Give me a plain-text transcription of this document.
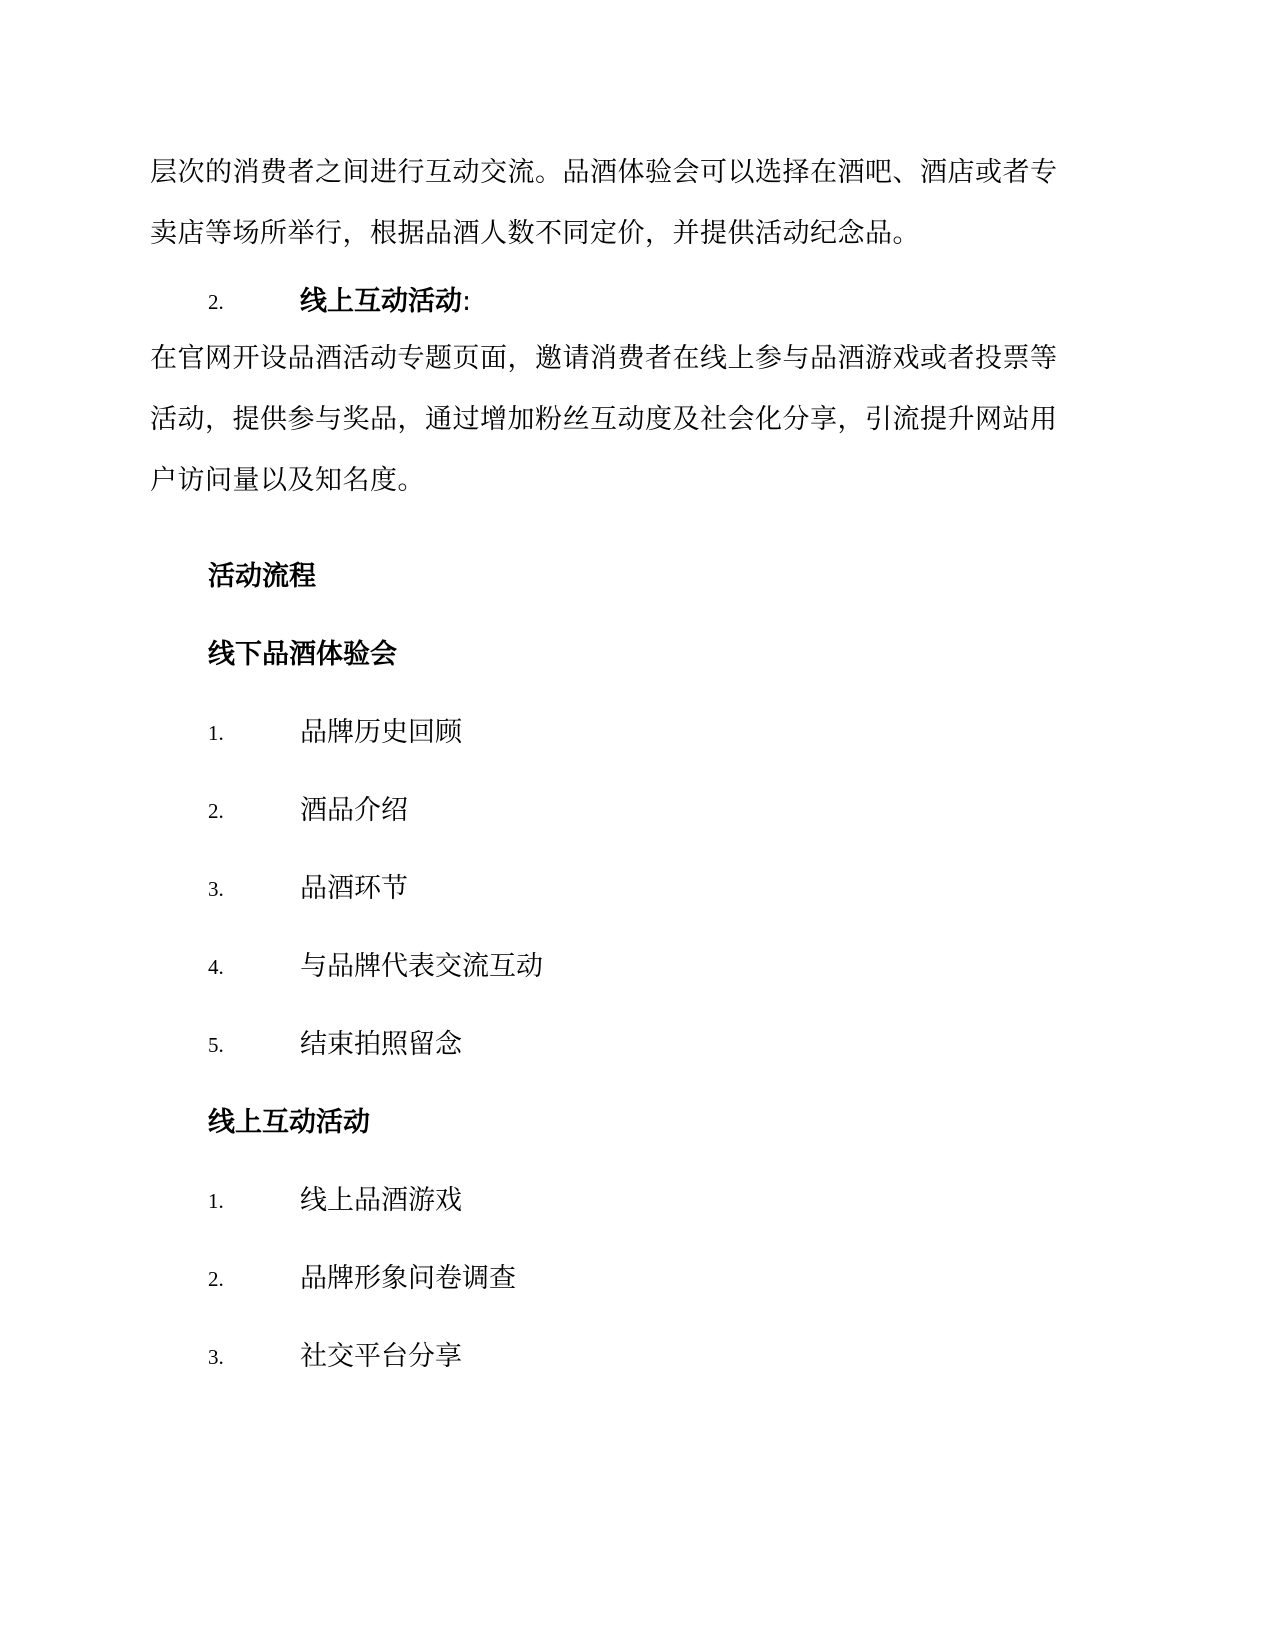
层次的消费者之间进行互动交流。品酒体验会可以选择在酒吧、酒店或者专
卖店等场所举行，根据品酒人数不同定价，并提供活动纪念品。
2.	线上互动活动:
在官网开设品酒活动专题页面，邀请消费者在线上参与品酒游戏或者投票等
活动，提供参与奖品，通过增加粉丝互动度及社会化分享，引流提升网站用
户访问量以及知名度。
活动流程
线下品酒体验会
1.	品牌历史回顾
2.	酒品介绍
3.	品酒环节
4.	与品牌代表交流互动
5.	结束拍照留念
线上互动活动
1.	线上品酒游戏
2.	品牌形象问卷调查
3.	社交平台分享
